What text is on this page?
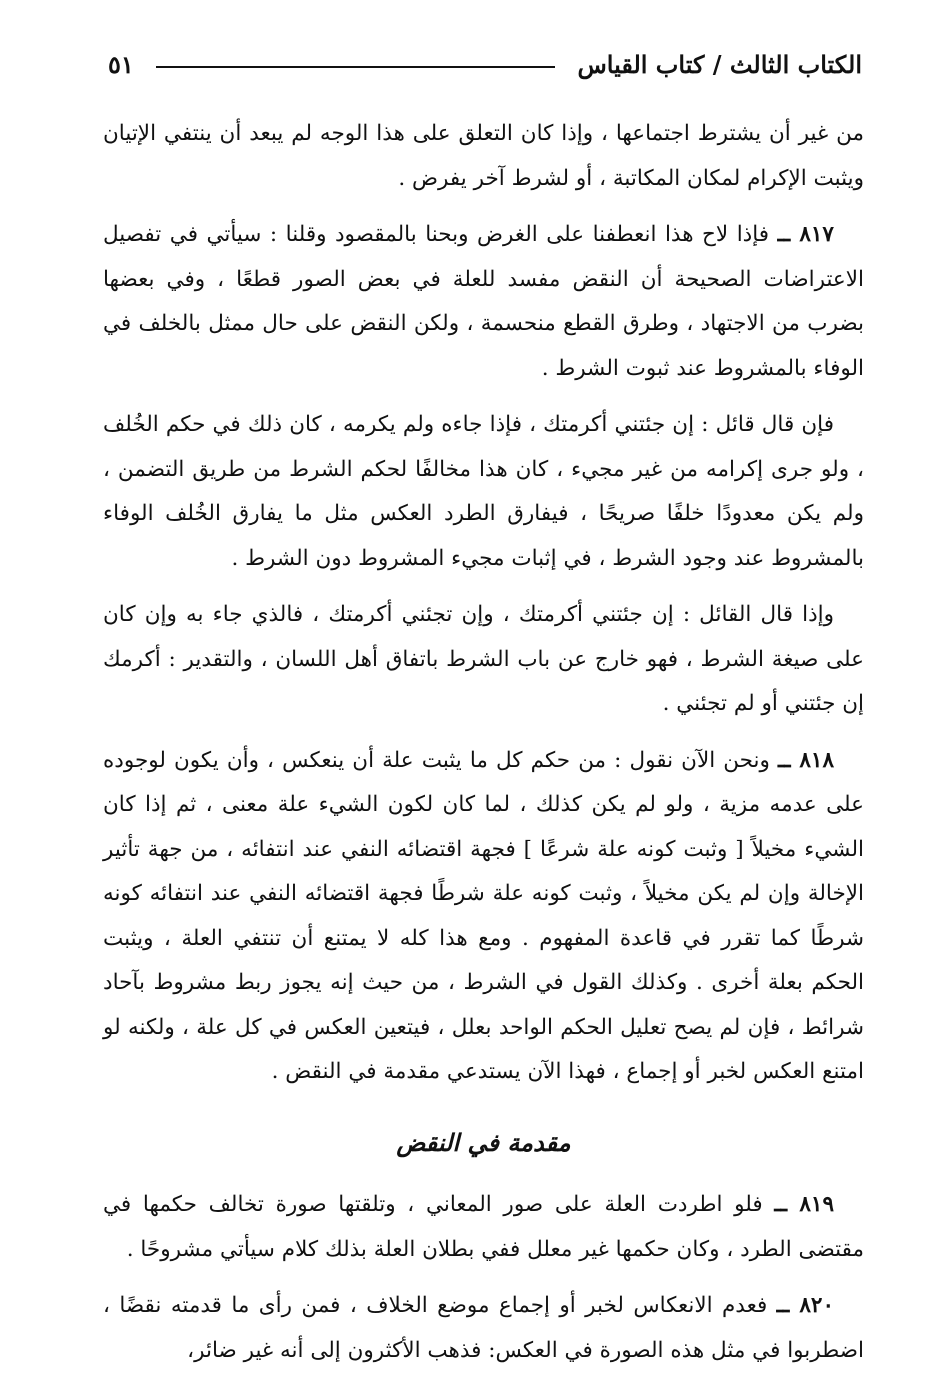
الكتاب الثالث / كتاب القياس
٥١

من غير أن يشترط اجتماعها ، وإذا كان التعلق على هذا الوجه لم يبعد أن ينتفي الإتيان ويثبت الإكرام لمكان المكاتبة ، أو لشرط آخر يفرض .

٨١٧ ــ فإذا لاح هذا انعطفنا على الغرض وبحنا بالمقصود وقلنا : سيأتي في تفصيل الاعتراضات الصحيحة أن النقض مفسد للعلة في بعض الصور قطعًا ، وفي بعضها بضرب من الاجتهاد ، وطرق القطع منحسمة ، ولكن النقض على حال ممثل بالخلف في الوفاء بالمشروط عند ثبوت الشرط .

فإن قال قائل : إن جئتني أكرمتك ، فإذا جاءه ولم يكرمه ، كان ذلك في حكم الخُلف ، ولو جرى إكرامه من غير مجيء ، كان هذا مخالفًا لحكم الشرط من طريق التضمن ، ولم يكن معدودًا خلفًا صريحًا ، فيفارق الطرد العكس مثل ما يفارق الخُلف الوفاء بالمشروط عند وجود الشرط ، في إثبات مجيء المشروط دون الشرط .

وإذا قال القائل : إن جئتني أكرمتك ، وإن تجئني أكرمتك ، فالذي جاء به وإن كان على صيغة الشرط ، فهو خارج عن باب الشرط باتفاق أهل اللسان ، والتقدير : أكرمك إن جئتني أو لم تجئني .

٨١٨ ــ ونحن الآن نقول : من حكم كل ما يثبت علة أن ينعكس ، وأن يكون لوجوده على عدمه مزية ، ولو لم يكن كذلك ، لما كان لكون الشيء علة معنى ، ثم إذا كان الشيء مخيلاً [ وثبت كونه علة شرعًا ] فجهة اقتضائه النفي عند انتفائه ، من جهة تأثير الإخالة وإن لم يكن مخيلاً ، وثبت كونه علة شرطًا فجهة اقتضائه النفي عند انتفائه كونه شرطًا كما تقرر في قاعدة المفهوم . ومع هذا كله لا يمتنع أن تنتفي العلة ، ويثبت الحكم بعلة أخرى . وكذلك القول في الشرط ، من حيث إنه يجوز ربط مشروط بآحاد شرائط ، فإن لم يصح تعليل الحكم الواحد بعلل ، فيتعين العكس في كل علة ، ولكنه لو امتنع العكس لخبر أو إجماع ، فهذا الآن يستدعي مقدمة في النقض .

مقدمة في النقض

٨١٩ ــ فلو اطردت العلة على صور المعاني ، وتلقتها صورة تخالف حكمها في مقتضى الطرد ، وكان حكمها غير معلل ففي بطلان العلة بذلك كلام سيأتي مشروحًا .

٨٢٠ ــ فعدم الانعكاس لخبر أو إجماع موضع الخلاف ، فمن رأى ما قدمته نقضًا ، اضطربوا في مثل هذه الصورة في العكس: فذهب الأكثرون إلى أنه غير ضائر،
